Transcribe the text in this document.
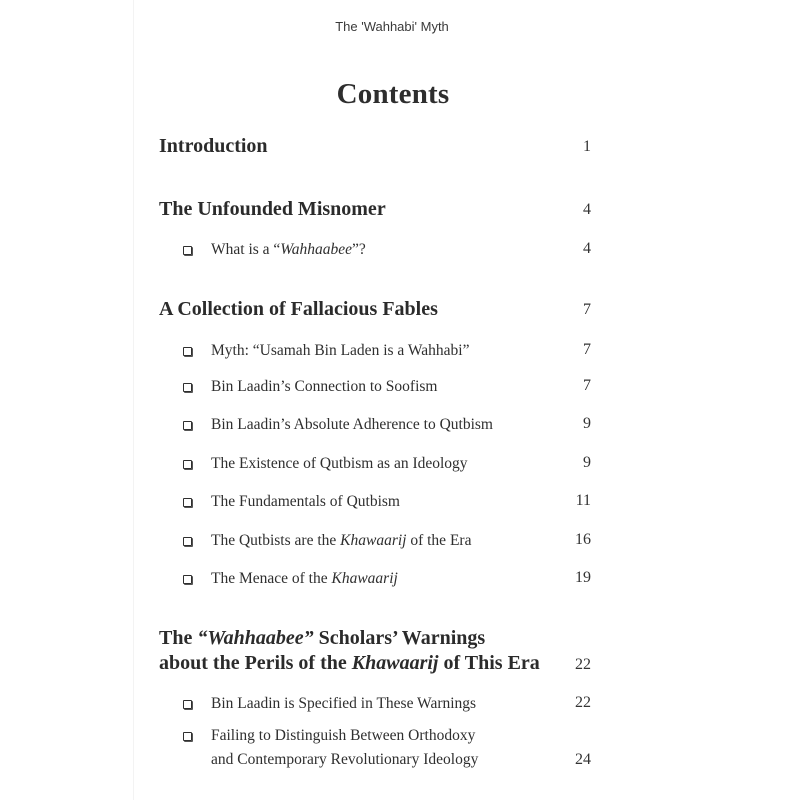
The 'Wahhabi' Myth
Contents
Introduction	1
The Unfounded Misnomer	4
What is a “Wahhaabee”?	4
A Collection of Fallacious Fables	7
Myth: “Usamah Bin Laden is a Wahhabi”	7
Bin Laadin’s Connection to Soofism	7
Bin Laadin’s Absolute Adherence to Qutbism	9
The Existence of Qutbism as an Ideology	9
The Fundamentals of Qutbism	11
The Qutbists are the Khawaarij of the Era	16
The Menace of the Khawaarij	19
The “Wahhaabee” Scholars’ Warnings
about the Perils of the Khawaarij of This Era	22
Bin Laadin is Specified in These Warnings	22
Failing to Distinguish Between Orthodoxy
and Contemporary Revolutionary Ideology	24
